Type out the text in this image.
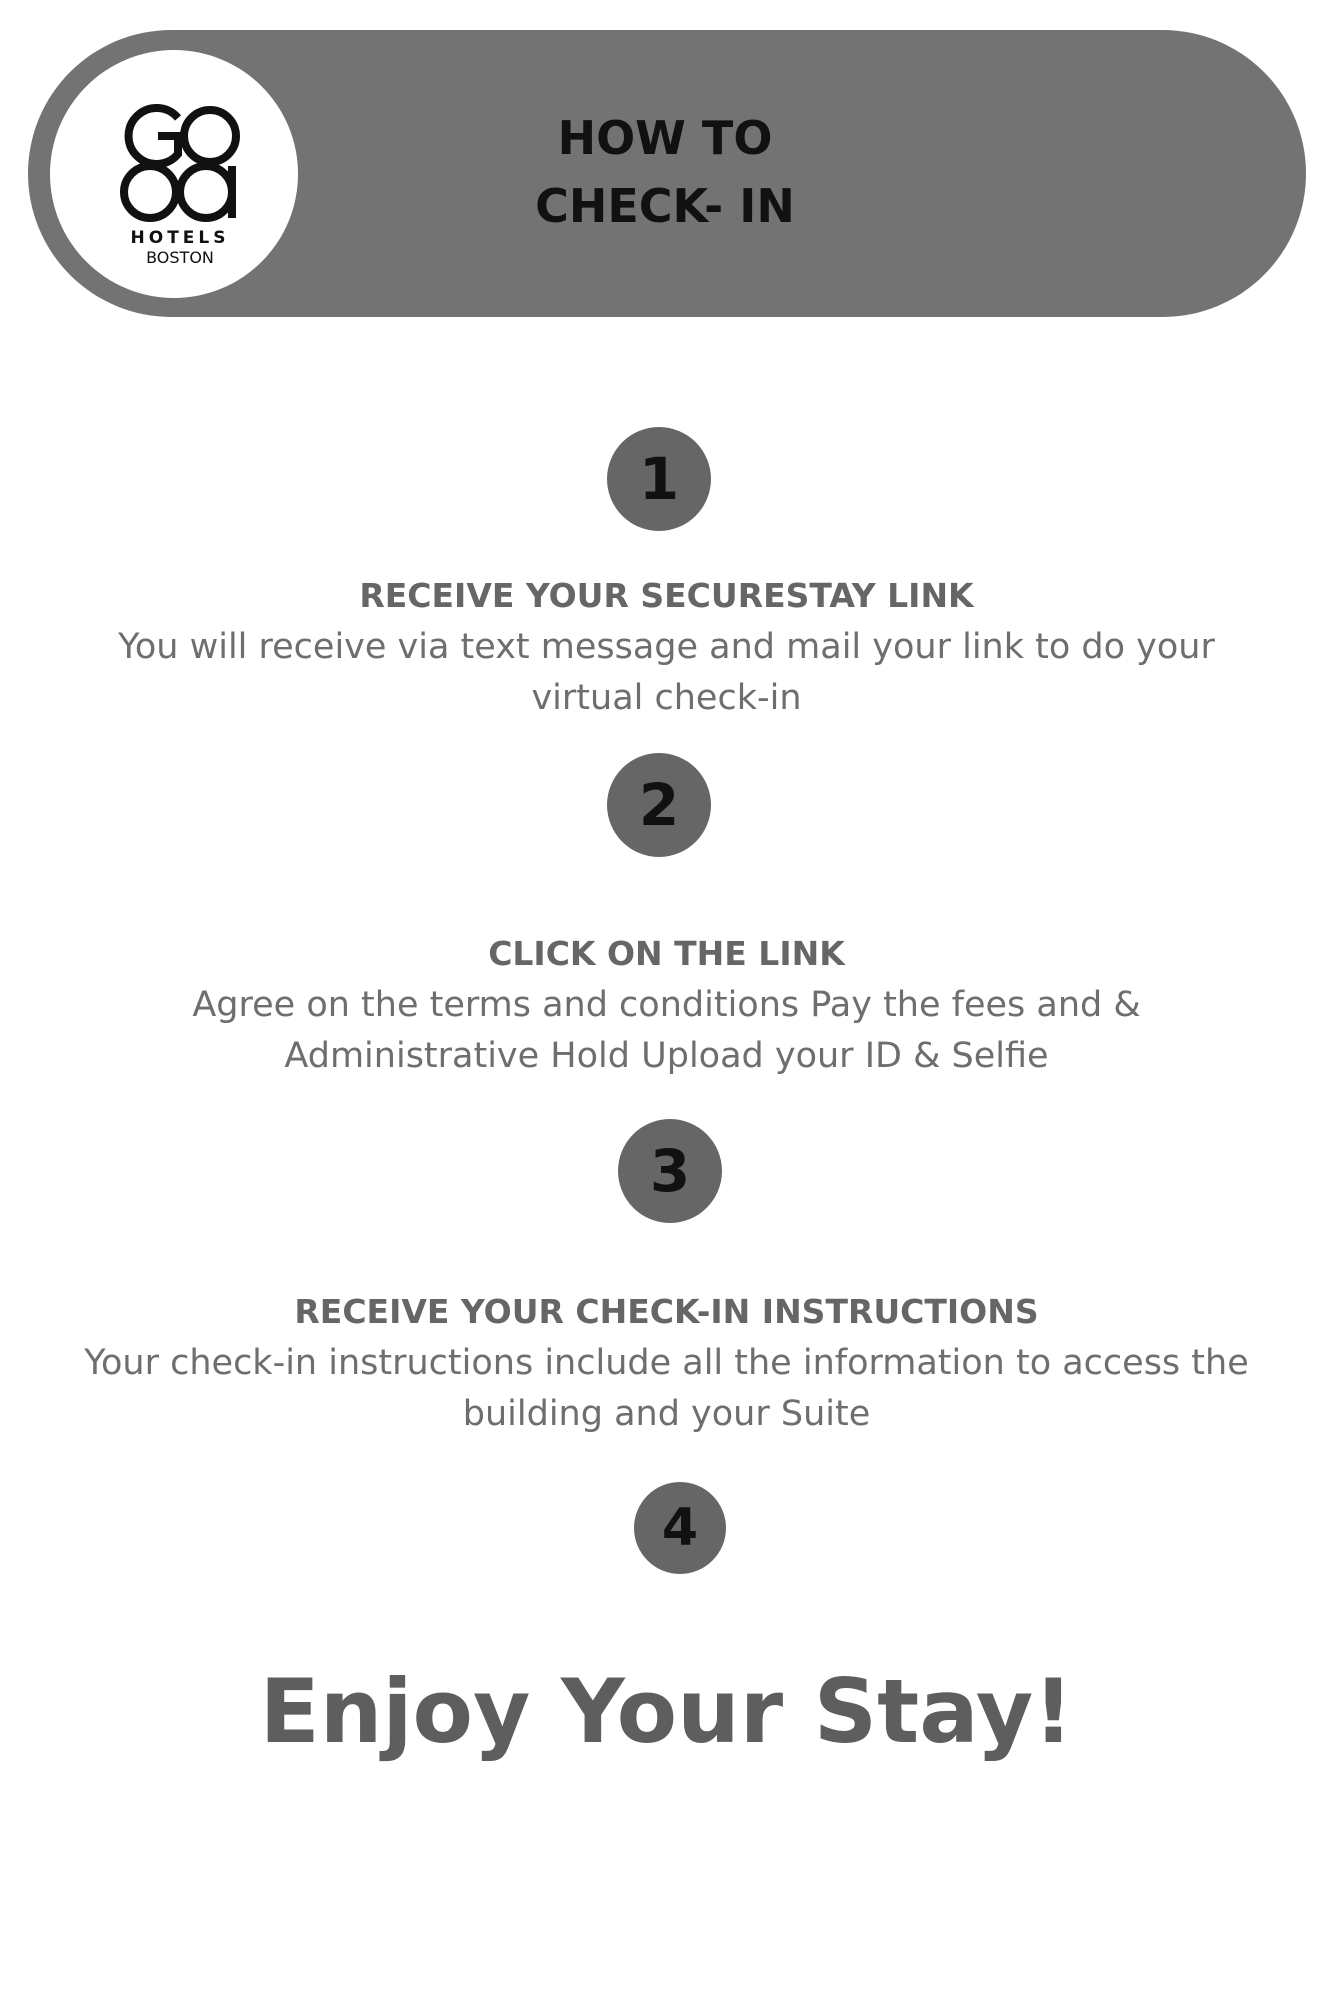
HOTELS
BOSTON
HOW TO
CHECK- IN
1
RECEIVE YOUR SECURESTAY LINK
You will receive via text message and mail your link to do your virtual check-in
2
CLICK ON THE LINK
Agree on the terms and conditions Pay the fees and & Administrative Hold Upload your ID & Selfie
3
RECEIVE YOUR CHECK-IN INSTRUCTIONS
Your check-in instructions include all the information to access the building and your Suite
4
Enjoy Your Stay!
